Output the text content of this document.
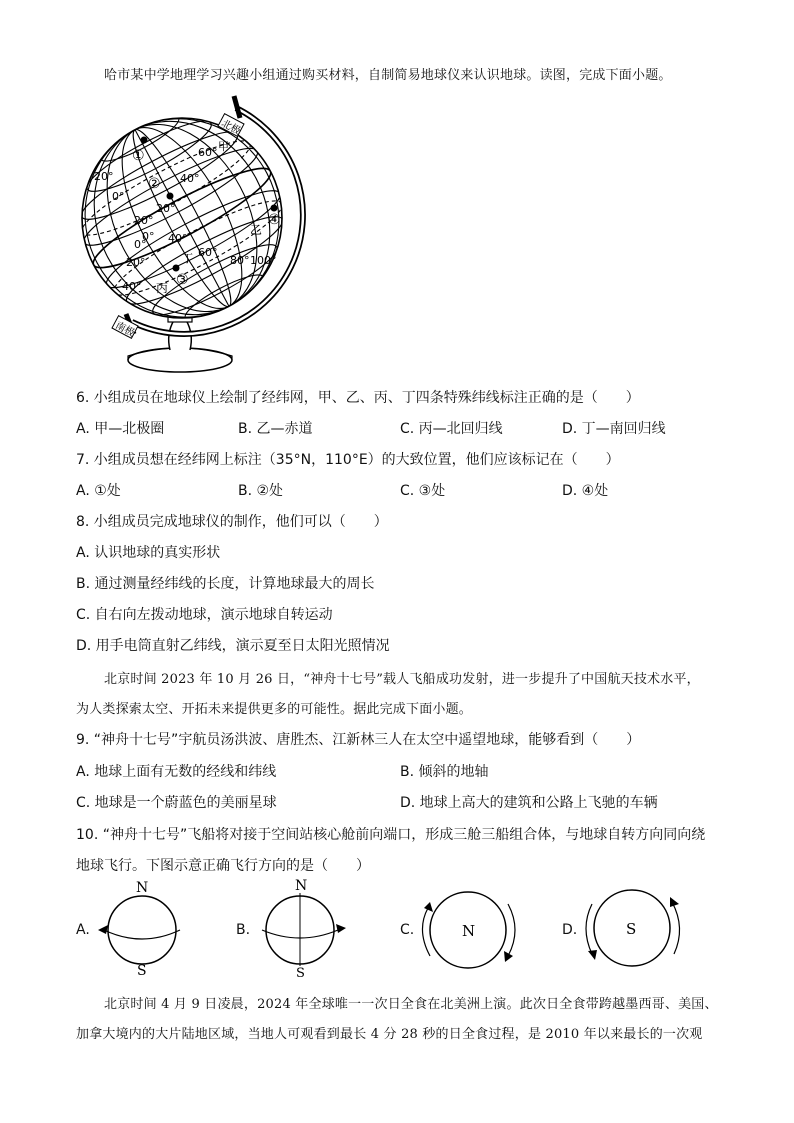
哈市某中学地理学习兴趣小组通过购买材料，自制简易地球仪来认识地球。读图，完成下面小题。
北极
南极
①
②
③
④
甲
乙
丁
丙
60°
40°
20°
0°
20°
20°
0° 40°
60°
80° 100°
20°
0°
40°
6. 小组成员在地球仪上绘制了经纬网，甲、乙、丙、丁四条特殊纬线标注正确的是（　　）
A. 甲—北极圈	B. 乙—赤道	C. 丙—北回归线	D. 丁—南回归线
7. 小组成员想在经纬网上标注（35°N，110°E）的大致位置，他们应该标记在（　　）
A. ①处	B. ②处	C. ③处	D. ④处
8. 小组成员完成地球仪的制作，他们可以（　　）
A. 认识地球的真实形状
B. 通过测量经纬线的长度，计算地球最大的周长
C. 自右向左拨动地球，演示地球自转运动
D. 用手电筒直射乙纬线，演示夏至日太阳光照情况
北京时间 2023 年 10 月 26 日，“神舟十七号”载人飞船成功发射，进一步提升了中国航天技术水平，
为人类探索太空、开拓未来提供更多的可能性。据此完成下面小题。
9. “神舟十七号”宇航员汤洪波、唐胜杰、江新林三人在太空中遥望地球，能够看到（　　）
A. 地球上面有无数的经线和纬线	B. 倾斜的地轴
C. 地球是一个蔚蓝色的美丽星球	D. 地球上高大的建筑和公路上飞驰的车辆
10. “神舟十七号”飞船将对接于空间站核心舱前向端口，形成三舱三船组合体，与地球自转方向同向绕
地球飞行。下图示意正确飞行方向的是（　　）
A.
N
S
B.
N
S
C.	N	D.	S
北京时间 4 月 9 日凌晨，2024 年全球唯一一次日全食在北美洲上演。此次日全食带跨越墨西哥、美国、
加拿大境内的大片陆地区域，当地人可观看到最长 4 分 28 秒的日全食过程，是 2010 年以来最长的一次观
